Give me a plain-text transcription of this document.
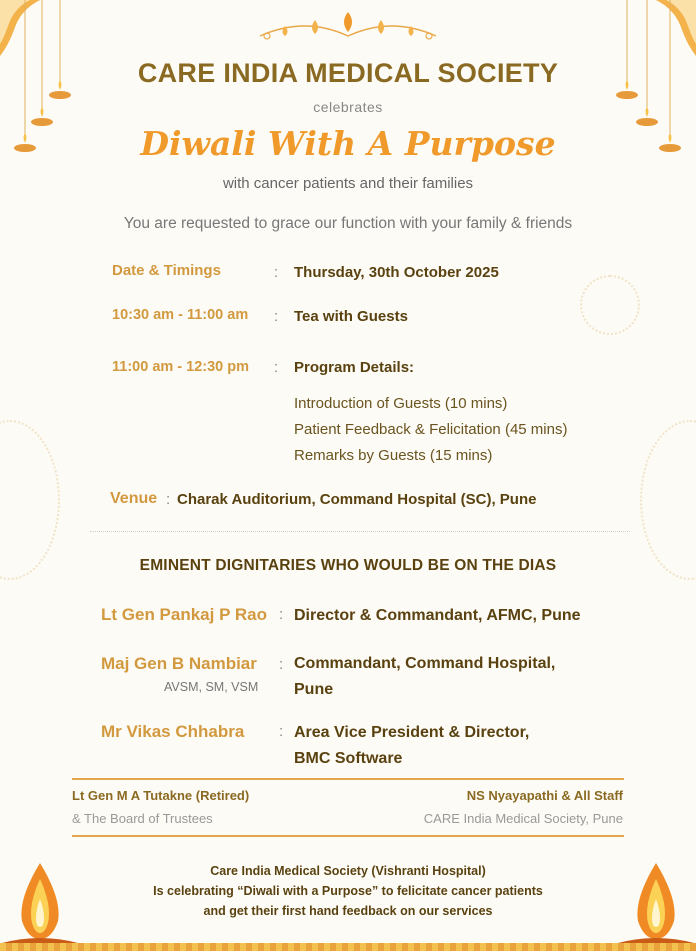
CARE INDIA MEDICAL SOCIETY
celebrates
Diwali With A Purpose
with cancer patients and their families
You are requested to grace our function with your family & friends
Date & Timings	: Thursday, 30th October 2025
10:30 am - 11:00 am : Tea with Guests
11:00 am - 12:30 pm : Program Details:
Introduction of Guests (10 mins)
Patient Feedback & Felicitation (45 mins)
Remarks by Guests (15 mins)
Venue : Charak Auditorium, Command Hospital (SC), Pune
EMINENT DIGNITARIES WHO WOULD BE ON THE DIAS
Lt Gen Pankaj P Rao : Director & Commandant, AFMC, Pune
Maj Gen B Nambiar
AVSM, SM, VSM
: Commandant, Command Hospital,
Pune
Mr Vikas Chhabra : Area Vice President & Director,
BMC Software
Lt Gen M A Tutakne (Retired)
& The Board of Trustees
NS Nyayapathi & All Staff
CARE India Medical Society, Pune
Care India Medical Society (Vishranti Hospital)
Is celebrating “Diwali with a Purpose” to felicitate cancer patients
and get their first hand feedback on our services
